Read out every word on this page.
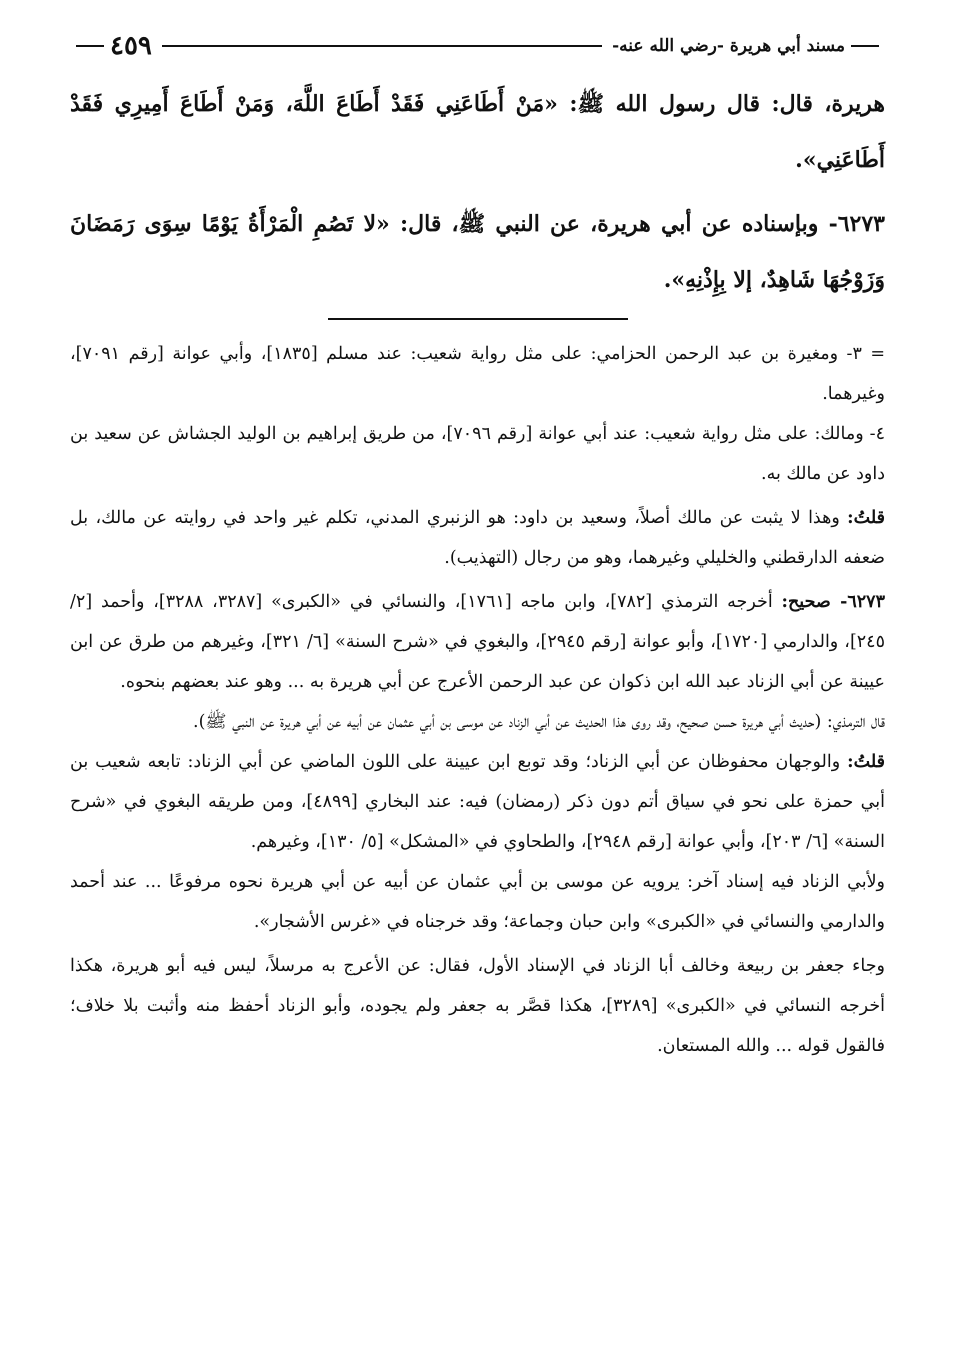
مسند أبي هريرة -رضي الله عنه-
٤٥٩

هريرة، قال: قال رسول الله ﷺ: «مَنْ أَطَاعَنِي فَقَدْ أَطَاعَ اللَّهَ، وَمَنْ أَطَاعَ أَمِيرِي فَقَدْ أَطَاعَنِي».

٦٢٧٣- وبإسناده عن أبي هريرة، عن النبي ﷺ، قال: «لا تَصُمِ الْمَرْأَةُ يَوْمًا سِوَى رَمَضَانَ وَزَوْجُهَا شَاهِدٌ، إلا بِإِذْنِهِ».

= ٣- ومغيرة بن عبد الرحمن الحزامي: على مثل رواية شعيب: عند مسلم [١٨٣٥]، وأبي عوانة [رقم ٧٠٩١]، وغيرهما.

٤- ومالك: على مثل رواية شعيب: عند أبي عوانة [رقم ٧٠٩٦]، من طريق إبراهيم بن الوليد الجشاش عن سعيد بن داود عن مالك به.

قلتُ: وهذا لا يثبت عن مالك أصلاً، وسعيد بن داود: هو الزنبري المدني، تكلم غير واحد في روايته عن مالك، بل ضعفه الدارقطني والخليلي وغيرهما، وهو من رجال (التهذيب).

٦٢٧٣- صحيح: أخرجه الترمذي [٧٨٢]، وابن ماجه [١٧٦١]، والنسائي في «الكبرى» [٣٢٨٧، ٣٢٨٨]، وأحمد [٢/ ٢٤٥]، والدارمي [١٧٢٠]، وأبو عوانة [رقم ٢٩٤٥]، والبغوي في «شرح السنة» [٦/ ٣٢١]، وغيرهم من طرق عن ابن عيينة عن أبي الزناد عبد الله ابن ذكوان عن عبد الرحمن الأعرج عن أبي هريرة به ... وهو عند بعضهم بنحوه.

قال الترمذي: (حديث أبي هريرة حسن صحيح، وقد روى هذا الحديث عن أبي الزناد عن موسى بن أبي عثمان عن أبيه عن أبي هريرة عن النبي ﷺ).

قلتُ: والوجهان محفوظان عن أبي الزناد؛ وقد توبع ابن عيينة على اللون الماضي عن أبي الزناد: تابعه شعيب بن أبي حمزة على نحو في سياق أتم دون ذكر (رمضان) فيه: عند البخاري [٤٨٩٩]، ومن طريقه البغوي في «شرح السنة» [٦/ ٢٠٣]، وأبي عوانة [رقم ٢٩٤٨]، والطحاوي في «المشكل» [٥/ ١٣٠]، وغيرهم.

ولأبي الزناد فيه إسناد آخر: يرويه عن موسى بن أبي عثمان عن أبيه عن أبي هريرة نحوه مرفوعًا ... عند أحمد والدارمي والنسائي في «الكبرى» وابن حبان وجماعة؛ وقد خرجناه في «غرس الأشجار».

وجاء جعفر بن ربيعة وخالف أبا الزناد في الإسناد الأول، فقال: عن الأعرج به مرسلاً، ليس فيه أبو هريرة، هكذا أخرجه النسائي في «الكبرى» [٣٢٨٩]، هكذا قصَّر به جعفر ولم يجوده، وأبو الزناد أحفظ منه وأثبت بلا خلاف؛ فالقول قوله ... والله المستعان.
